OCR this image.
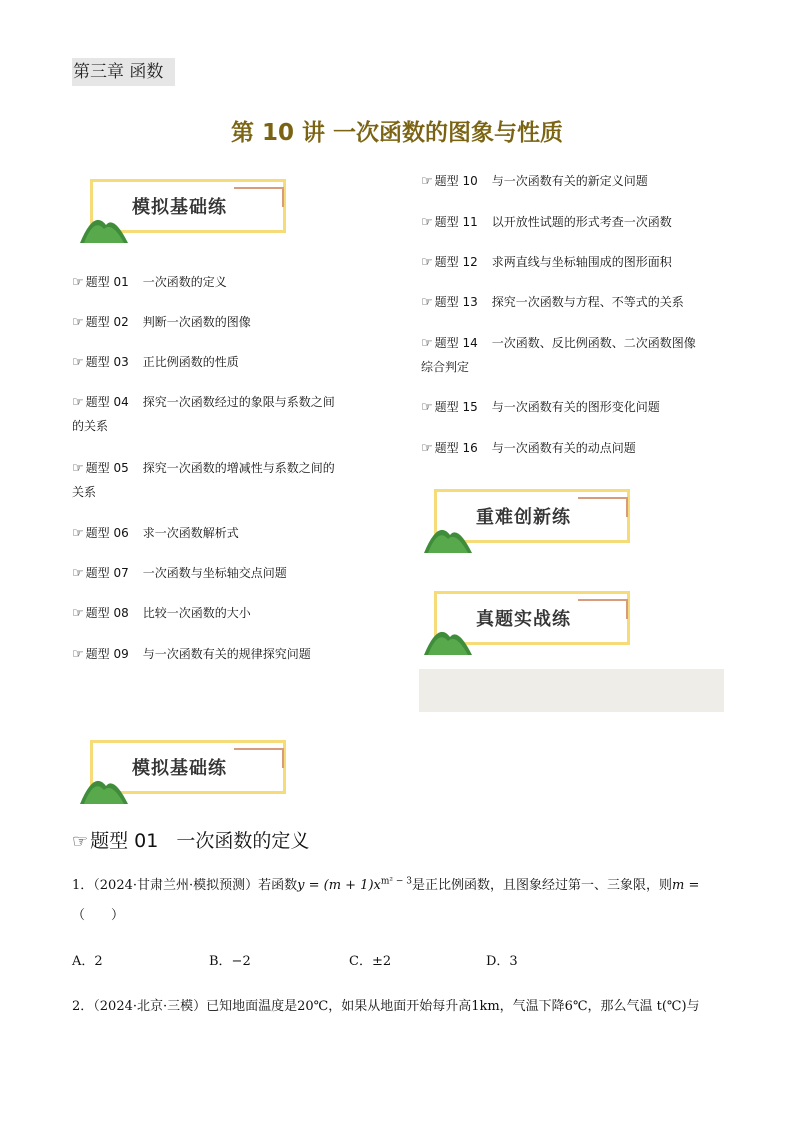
第三章 函数
第 10 讲 一次函数的图象与性质
模拟基础练
☞ 题型 01 一次函数的定义
☞ 题型 02 判断一次函数的图像
☞ 题型 03 正比例函数的性质
☞ 题型 04 探究一次函数经过的象限与系数之间
的关系
☞ 题型 05 探究一次函数的增减性与系数之间的
关系
☞ 题型 06 求一次函数解析式
☞ 题型 07 一次函数与坐标轴交点问题
☞ 题型 08 比较一次函数的大小
☞ 题型 09 与一次函数有关的规律探究问题
☞ 题型 10 与一次函数有关的新定义问题
☞ 题型 11 以开放性试题的形式考查一次函数
☞ 题型 12 求两直线与坐标轴围成的图形面积
☞ 题型 13 探究一次函数与方程、不等式的关系
☞ 题型 14 一次函数、反比例函数、二次函数图像
综合判定
☞ 题型 15 与一次函数有关的图形变化问题
☞ 题型 16 与一次函数有关的动点问题
重难创新练
真题实战练
模拟基础练
☞ 题型 01 一次函数的定义
1．（2024·甘肃兰州·模拟预测）若函数$y = (m + 1)x^{m^2 - 3}$是正比例函数，且图象经过第一、三象限，则m =
（　　）
A．2	B．−2	C．±2	D．3
2．（2024·北京·三模）已知地面温度是20℃，如果从地面开始每升高1km，气温下降6℃，那么气温 t(℃)与
